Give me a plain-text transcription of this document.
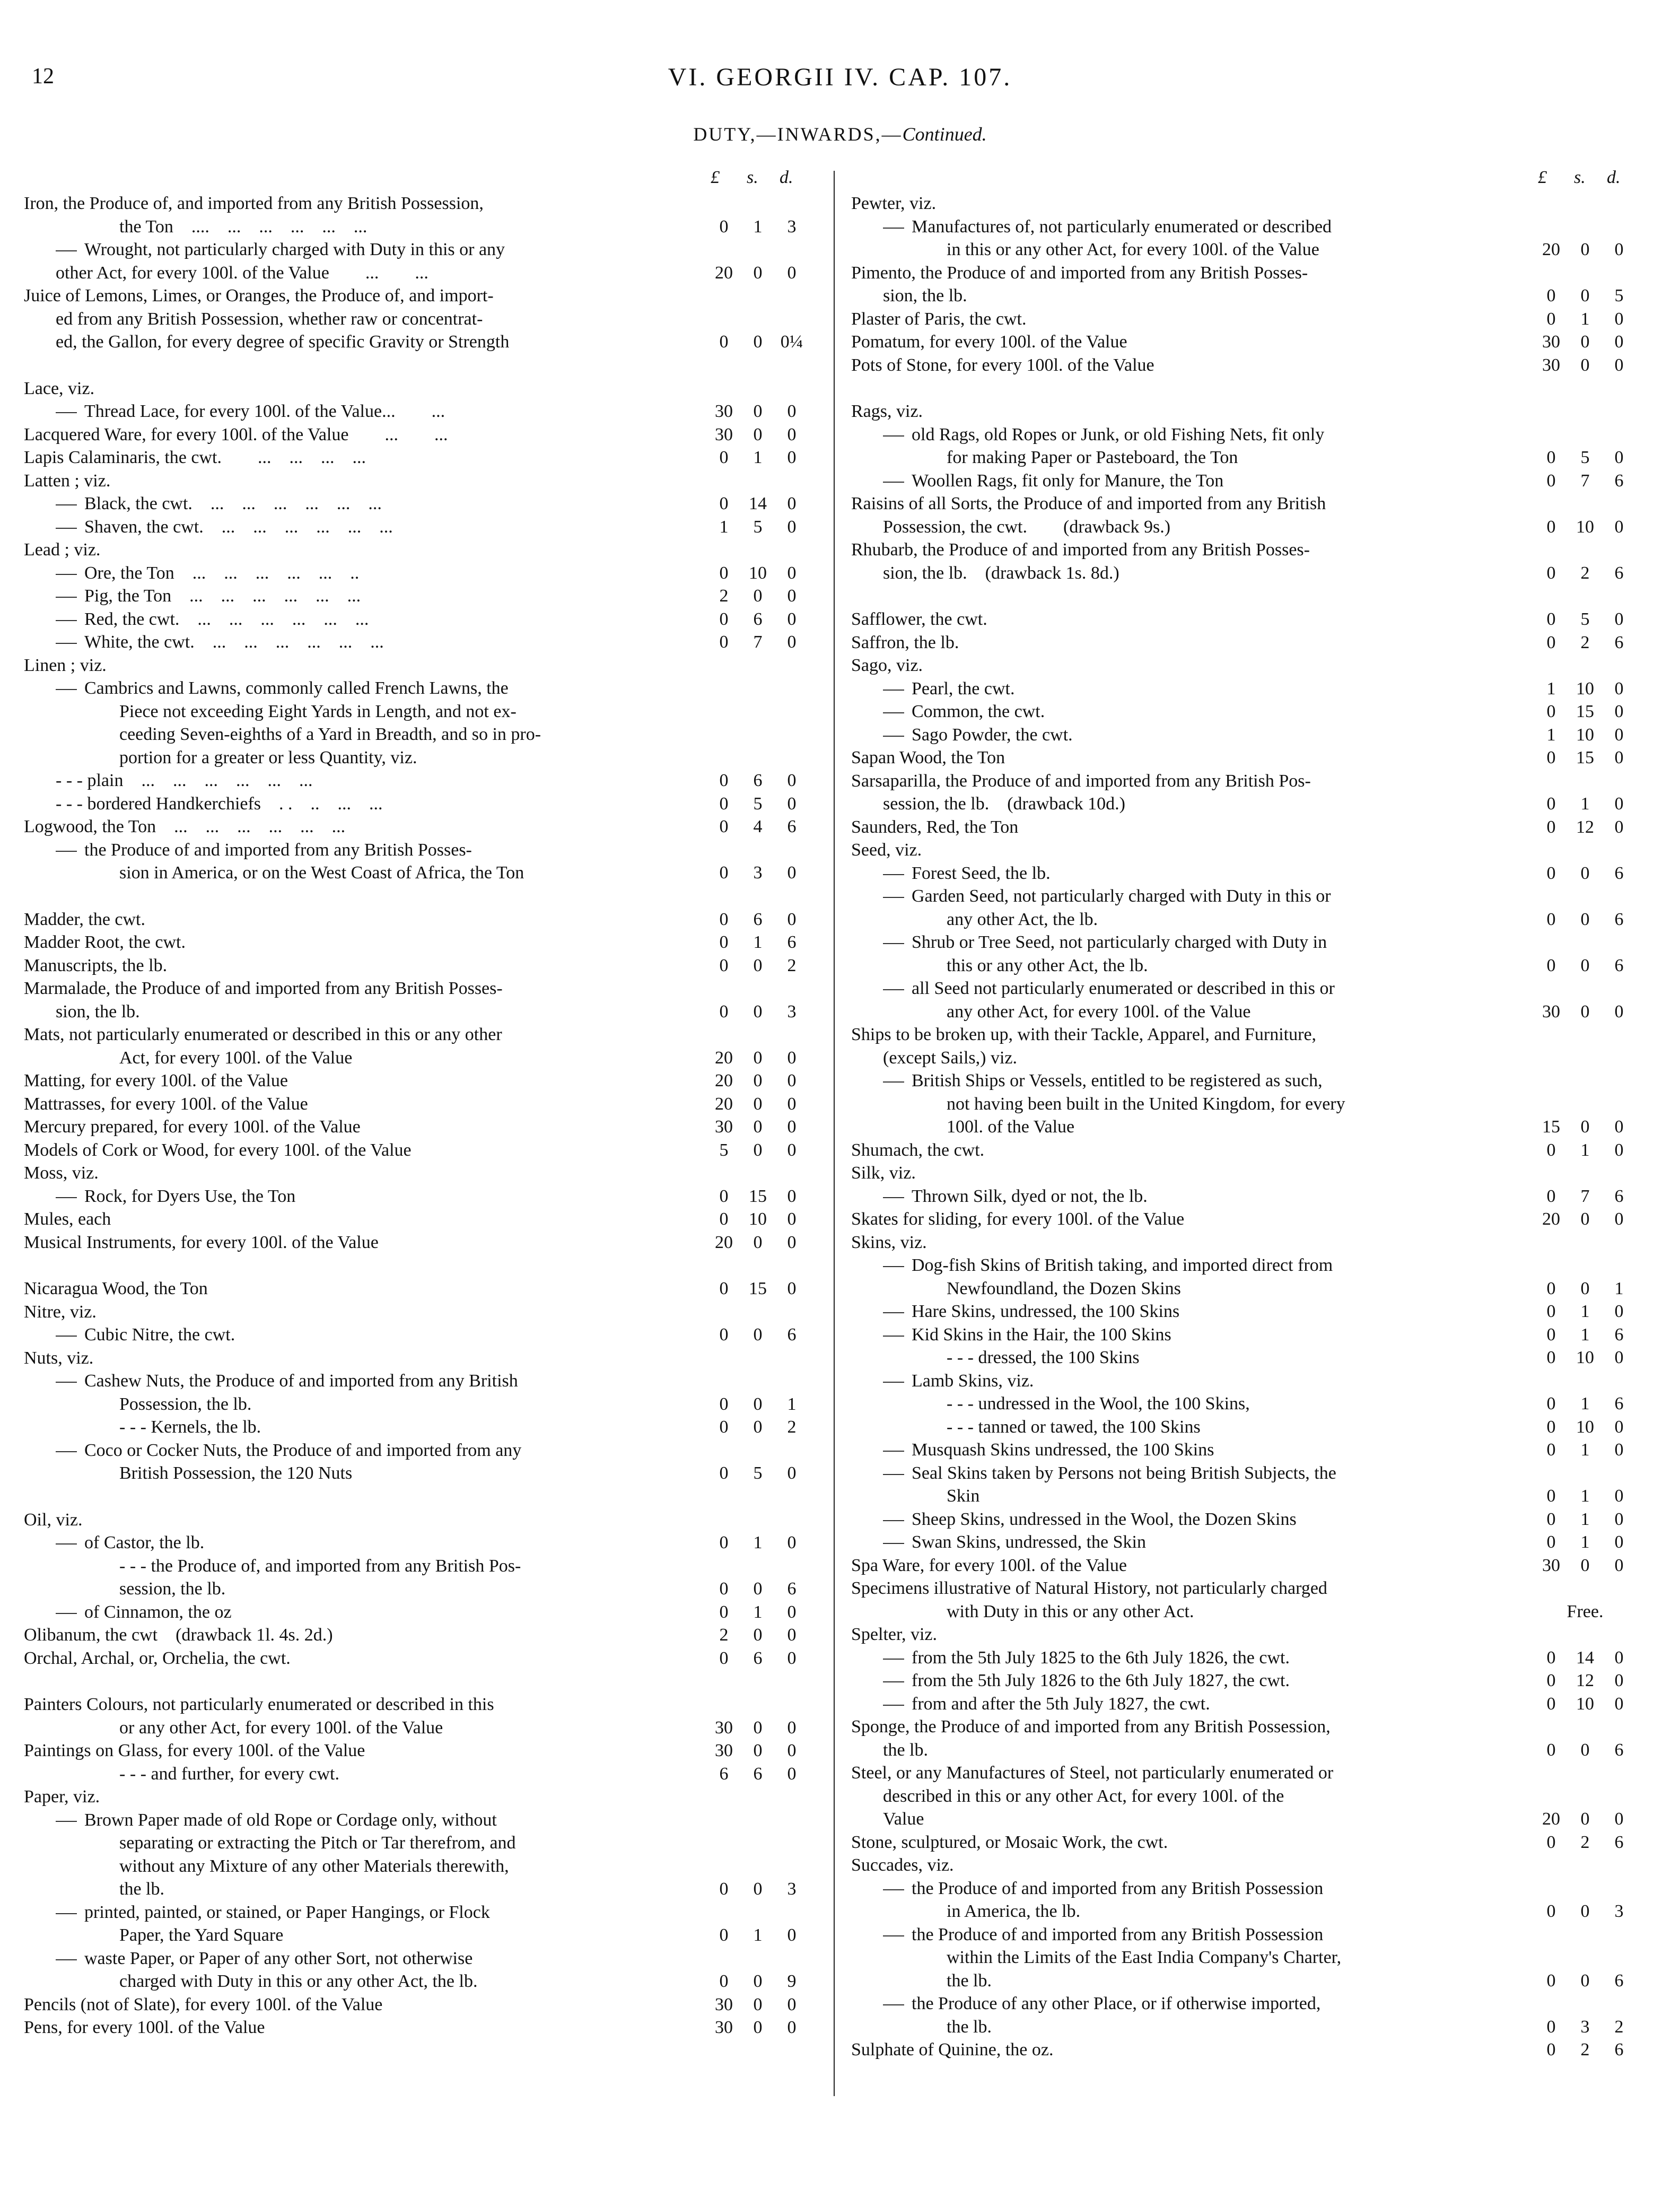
12	VI. GEORGII IV. CAP. 107.
DUTY,—INWARDS,—Continued.
£ s. d.
Iron, the Produce of, and imported from any British Possession,
the Ton    ....    ...    ...    ...    ...    ...	0	1	3
Wrought, not particularly charged with Duty in this or any
other Act, for every 100l. of the Value        ...        ...	20	0	0
Juice of Lemons, Limes, or Oranges, the Produce of, and import-
ed from any British Possession, whether raw or concentrat-
ed, the Gallon, for every degree of specific Gravity or Strength	0	0	0¼
Lace, viz.
Thread Lace, for every 100l. of the Value...        ...	30	0	0
Lacquered Ware, for every 100l. of the Value        ...        ...	30	0	0
Lapis Calaminaris, the cwt.        ...    ...    ...    ...	0	1	0
Latten ; viz.
Black, the cwt.    ...    ...    ...    ...    ...    ...	0	14	0
Shaven, the cwt.    ...    ...    ...    ...    ...    ...	1	5	0
Lead ; viz.
Ore, the Ton    ...    ...    ...    ...    ...    ..	0	10	0
Pig, the Ton    ...    ...    ...    ...    ...    ...	2	0	0
Red, the cwt.    ...    ...    ...    ...    ...    ...	0	6	0
White, the cwt.    ...    ...    ...    ...    ...    ...	0	7	0
Linen ; viz.
Cambrics and Lawns, commonly called French Lawns, the
Piece not exceeding Eight Yards in Length, and not ex-
ceeding Seven-eighths of a Yard in Breadth, and so in pro-
portion for a greater or less Quantity, viz.
- - - plain    ...    ...    ...    ...    ...    ...	0	6	0
- - - bordered Handkerchiefs    . .    ..    ...    ...	0	5	0
Logwood, the Ton    ...    ...    ...    ...    ...    ...	0	4	6
the Produce of and imported from any British Posses-
sion in America, or on the West Coast of Africa, the Ton	0	3	0
Madder, the cwt.	0	6	0
Madder Root, the cwt.	0	1	6
Manuscripts, the lb.	0	0	2
Marmalade, the Produce of and imported from any British Posses-
sion, the lb.	0	0	3
Mats, not particularly enumerated or described in this or any other
Act, for every 100l. of the Value	20	0	0
Matting, for every 100l. of the Value	20	0	0
Mattrasses, for every 100l. of the Value	20	0	0
Mercury prepared, for every 100l. of the Value	30	0	0
Models of Cork or Wood, for every 100l. of the Value	5	0	0
Moss, viz.
Rock, for Dyers Use, the Ton	0	15	0
Mules, each	0	10	0
Musical Instruments, for every 100l. of the Value	20	0	0
Nicaragua Wood, the Ton	0	15	0
Nitre, viz.
Cubic Nitre, the cwt.	0	0	6
Nuts, viz.
Cashew Nuts, the Produce of and imported from any British
Possession, the lb.	0	0	1
- - - Kernels, the lb.	0	0	2
Coco or Cocker Nuts, the Produce of and imported from any
British Possession, the 120 Nuts	0	5	0
Oil, viz.
of Castor, the lb.	0	1	0
- - - the Produce of, and imported from any British Pos-
session, the lb.	0	0	6
of Cinnamon, the oz	0	1	0
Olibanum, the cwt    (drawback 1l. 4s. 2d.)	2	0	0
Orchal, Archal, or, Orchelia, the cwt.	0	6	0
Painters Colours, not particularly enumerated or described in this
or any other Act, for every 100l. of the Value	30	0	0
Paintings on Glass, for every 100l. of the Value	30	0	0
- - - and further, for every cwt.	6	6	0
Paper, viz.
Brown Paper made of old Rope or Cordage only, without
separating or extracting the Pitch or Tar therefrom, and
without any Mixture of any other Materials therewith,
the lb.	0	0	3
printed, painted, or stained, or Paper Hangings, or Flock
Paper, the Yard Square	0	1	0
waste Paper, or Paper of any other Sort, not otherwise
charged with Duty in this or any other Act, the lb.	0	0	9
Pencils (not of Slate), for every 100l. of the Value	30	0	0
Pens, for every 100l. of the Value	30	0	0
£ s. d.
Pewter, viz.
Manufactures of, not particularly enumerated or described
in this or any other Act, for every 100l. of the Value	20	0	0
Pimento, the Produce of and imported from any British Posses-
sion, the lb.	0	0	5
Plaster of Paris, the cwt.	0	1	0
Pomatum, for every 100l. of the Value	30	0	0
Pots of Stone, for every 100l. of the Value	30	0	0
Rags, viz.
old Rags, old Ropes or Junk, or old Fishing Nets, fit only
for making Paper or Pasteboard, the Ton	0	5	0
Woollen Rags, fit only for Manure, the Ton	0	7	6
Raisins of all Sorts, the Produce of and imported from any British
Possession, the cwt.        (drawback 9s.)	0	10	0
Rhubarb, the Produce of and imported from any British Posses-
sion, the lb.    (drawback 1s. 8d.)	0	2	6
Safflower, the cwt.	0	5	0
Saffron, the lb.	0	2	6
Sago, viz.
Pearl, the cwt.	1	10	0
Common, the cwt.	0	15	0
Sago Powder, the cwt.	1	10	0
Sapan Wood, the Ton	0	15	0
Sarsaparilla, the Produce of and imported from any British Pos-
session, the lb.    (drawback 10d.)	0	1	0
Saunders, Red, the Ton	0	12	0
Seed, viz.
Forest Seed, the lb.	0	0	6
Garden Seed, not particularly charged with Duty in this or
any other Act, the lb.	0	0	6
Shrub or Tree Seed, not particularly charged with Duty in
this or any other Act, the lb.	0	0	6
all Seed not particularly enumerated or described in this or
any other Act, for every 100l. of the Value	30	0	0
Ships to be broken up, with their Tackle, Apparel, and Furniture,
(except Sails,) viz.
British Ships or Vessels, entitled to be registered as such,
not having been built in the United Kingdom, for every
100l. of the Value	15	0	0
Shumach, the cwt.	0	1	0
Silk, viz.
Thrown Silk, dyed or not, the lb.	0	7	6
Skates for sliding, for every 100l. of the Value	20	0	0
Skins, viz.
Dog-fish Skins of British taking, and imported direct from
Newfoundland, the Dozen Skins	0	0	1
Hare Skins, undressed, the 100 Skins	0	1	0
Kid Skins in the Hair, the 100 Skins	0	1	6
- - - dressed, the 100 Skins	0	10	0
Lamb Skins, viz.
- - - undressed in the Wool, the 100 Skins,	0	1	6
- - - tanned or tawed, the 100 Skins	0	10	0
Musquash Skins undressed, the 100 Skins	0	1	0
Seal Skins taken by Persons not being British Subjects, the
Skin	0	1	0
Sheep Skins, undressed in the Wool, the Dozen Skins	0	1	0
Swan Skins, undressed, the Skin	0	1	0
Spa Ware, for every 100l. of the Value	30	0	0
Specimens illustrative of Natural History, not particularly charged
with Duty in this or any other Act.	Free.
Spelter, viz.
from the 5th July 1825 to the 6th July 1826, the cwt.	0	14	0
from the 5th July 1826 to the 6th July 1827, the cwt.	0	12	0
from and after the 5th July 1827, the cwt.	0	10	0
Sponge, the Produce of and imported from any British Possession,
the lb.	0	0	6
Steel, or any Manufactures of Steel, not particularly enumerated or
described in this or any other Act, for every 100l. of the
Value	20	0	0
Stone, sculptured, or Mosaic Work, the cwt.	0	2	6
Succades, viz.
the Produce of and imported from any British Possession
in America, the lb.	0	0	3
the Produce of and imported from any British Possession
within the Limits of the East India Company's Charter,
the lb.	0	0	6
the Produce of any other Place, or if otherwise imported,
the lb.	0	3	2
Sulphate of Quinine, the oz.	0	2	6
